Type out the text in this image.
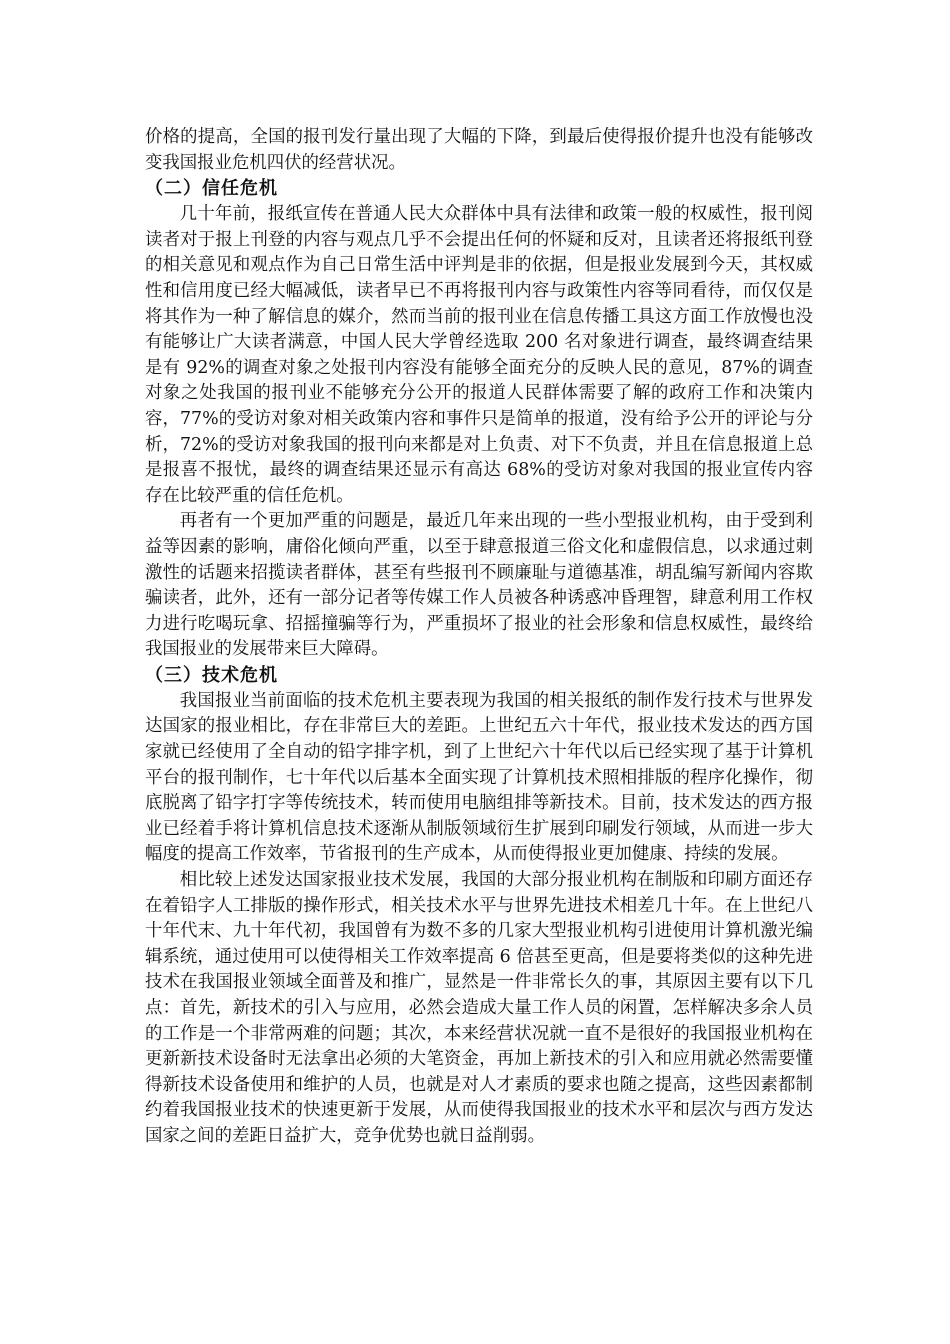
价格的提高，全国的报刊发行量出现了大幅的下降，到最后使得报价提升也没有能够改变我国报业危机四伏的经营状况。

（二）信任危机

几十年前，报纸宣传在普通人民大众群体中具有法律和政策一般的权威性，报刊阅读者对于报上刊登的内容与观点几乎不会提出任何的怀疑和反对，且读者还将报纸刊登的相关意见和观点作为自己日常生活中评判是非的依据，但是报业发展到今天，其权威性和信用度已经大幅减低，读者早已不再将报刊内容与政策性内容等同看待，而仅仅是将其作为一种了解信息的媒介，然而当前的报刊业在信息传播工具这方面工作放慢也没有能够让广大读者满意，中国人民大学曾经选取 200 名对象进行调查，最终调查结果是有 92%的调查对象之处报刊内容没有能够全面充分的反映人民的意见，87%的调查对象之处我国的报刊业不能够充分公开的报道人民群体需要了解的政府工作和决策内容，77%的受访对象对相关政策内容和事件只是简单的报道，没有给予公开的评论与分析，72%的受访对象我国的报刊向来都是对上负责、对下不负责，并且在信息报道上总是报喜不报忧，最终的调查结果还显示有高达 68%的受访对象对我国的报业宣传内容存在比较严重的信任危机。

再者有一个更加严重的问题是，最近几年来出现的一些小型报业机构，由于受到利益等因素的影响，庸俗化倾向严重，以至于肆意报道三俗文化和虚假信息，以求通过刺激性的话题来招揽读者群体，甚至有些报刊不顾廉耻与道德基准，胡乱编写新闻内容欺骗读者，此外，还有一部分记者等传媒工作人员被各种诱惑冲昏理智，肆意利用工作权力进行吃喝玩拿、招摇撞骗等行为，严重损坏了报业的社会形象和信息权威性，最终给我国报业的发展带来巨大障碍。

（三）技术危机

我国报业当前面临的技术危机主要表现为我国的相关报纸的制作发行技术与世界发达国家的报业相比，存在非常巨大的差距。上世纪五六十年代，报业技术发达的西方国家就已经使用了全自动的铅字排字机，到了上世纪六十年代以后已经实现了基于计算机平台的报刊制作，七十年代以后基本全面实现了计算机技术照相排版的程序化操作，彻底脱离了铅字打字等传统技术，转而使用电脑组排等新技术。目前，技术发达的西方报业已经着手将计算机信息技术逐渐从制版领域衍生扩展到印刷发行领域，从而进一步大幅度的提高工作效率，节省报刊的生产成本，从而使得报业更加健康、持续的发展。

相比较上述发达国家报业技术发展，我国的大部分报业机构在制版和印刷方面还存在着铅字人工排版的操作形式，相关技术水平与世界先进技术相差几十年。在上世纪八十年代末、九十年代初，我国曾有为数不多的几家大型报业机构引进使用计算机激光编辑系统，通过使用可以使得相关工作效率提高 6 倍甚至更高，但是要将类似的这种先进技术在我国报业领域全面普及和推广，显然是一件非常长久的事，其原因主要有以下几点：首先，新技术的引入与应用，必然会造成大量工作人员的闲置，怎样解决多余人员的工作是一个非常两难的问题；其次，本来经营状况就一直不是很好的我国报业机构在更新新技术设备时无法拿出必须的大笔资金，再加上新技术的引入和应用就必然需要懂得新技术设备使用和维护的人员，也就是对人才素质的要求也随之提高，这些因素都制约着我国报业技术的快速更新于发展，从而使得我国报业的技术水平和层次与西方发达国家之间的差距日益扩大，竞争优势也就日益削弱。
